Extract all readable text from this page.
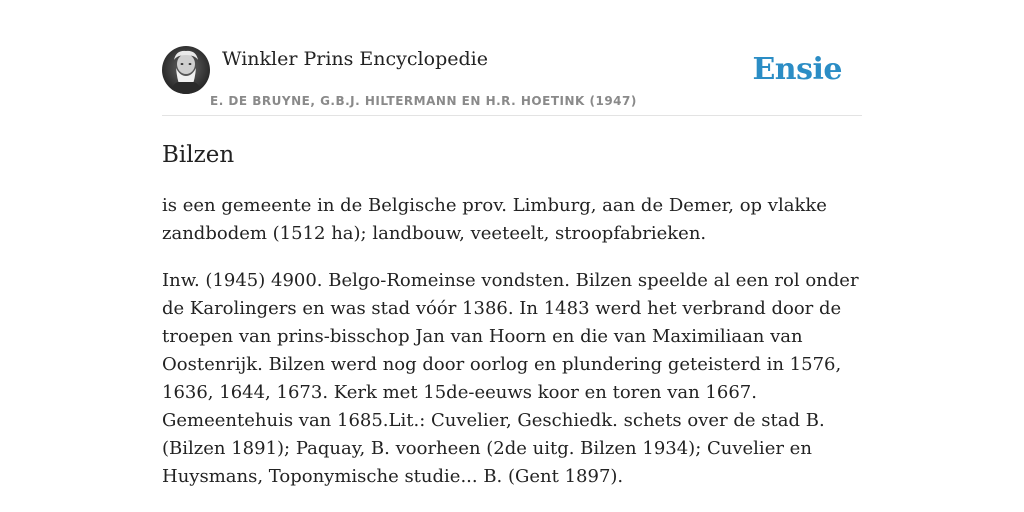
Winkler Prins Encyclopedie
E. DE BRUYNE, G.B.J. HILTERMANN EN H.R. HOETINK (1947)
Ensie
Bilzen

is een gemeente in de Belgische prov. Limburg, aan de Demer, op vlakke zandbodem (1512 ha); landbouw, veeteelt, stroopfabrieken.

Inw. (1945) 4900. Belgo-Romeinse vondsten. Bilzen speelde al een rol onder de Karolingers en was stad vóór 1386. In 1483 werd het verbrand door de troepen van prins-bisschop Jan van Hoorn en die van Maximiliaan van Oostenrijk. Bilzen werd nog door oorlog en plundering geteisterd in 1576, 1636, 1644, 1673. Kerk met 15de-eeuws koor en toren van 1667. Gemeentehuis van 1685.Lit.: Cuvelier, Geschiedk. schets over de stad B. (Bilzen 1891); Paquay, B. voorheen (2de uitg. Bilzen 1934); Cuvelier en Huysmans, Toponymische studie... B. (Gent 1897).
